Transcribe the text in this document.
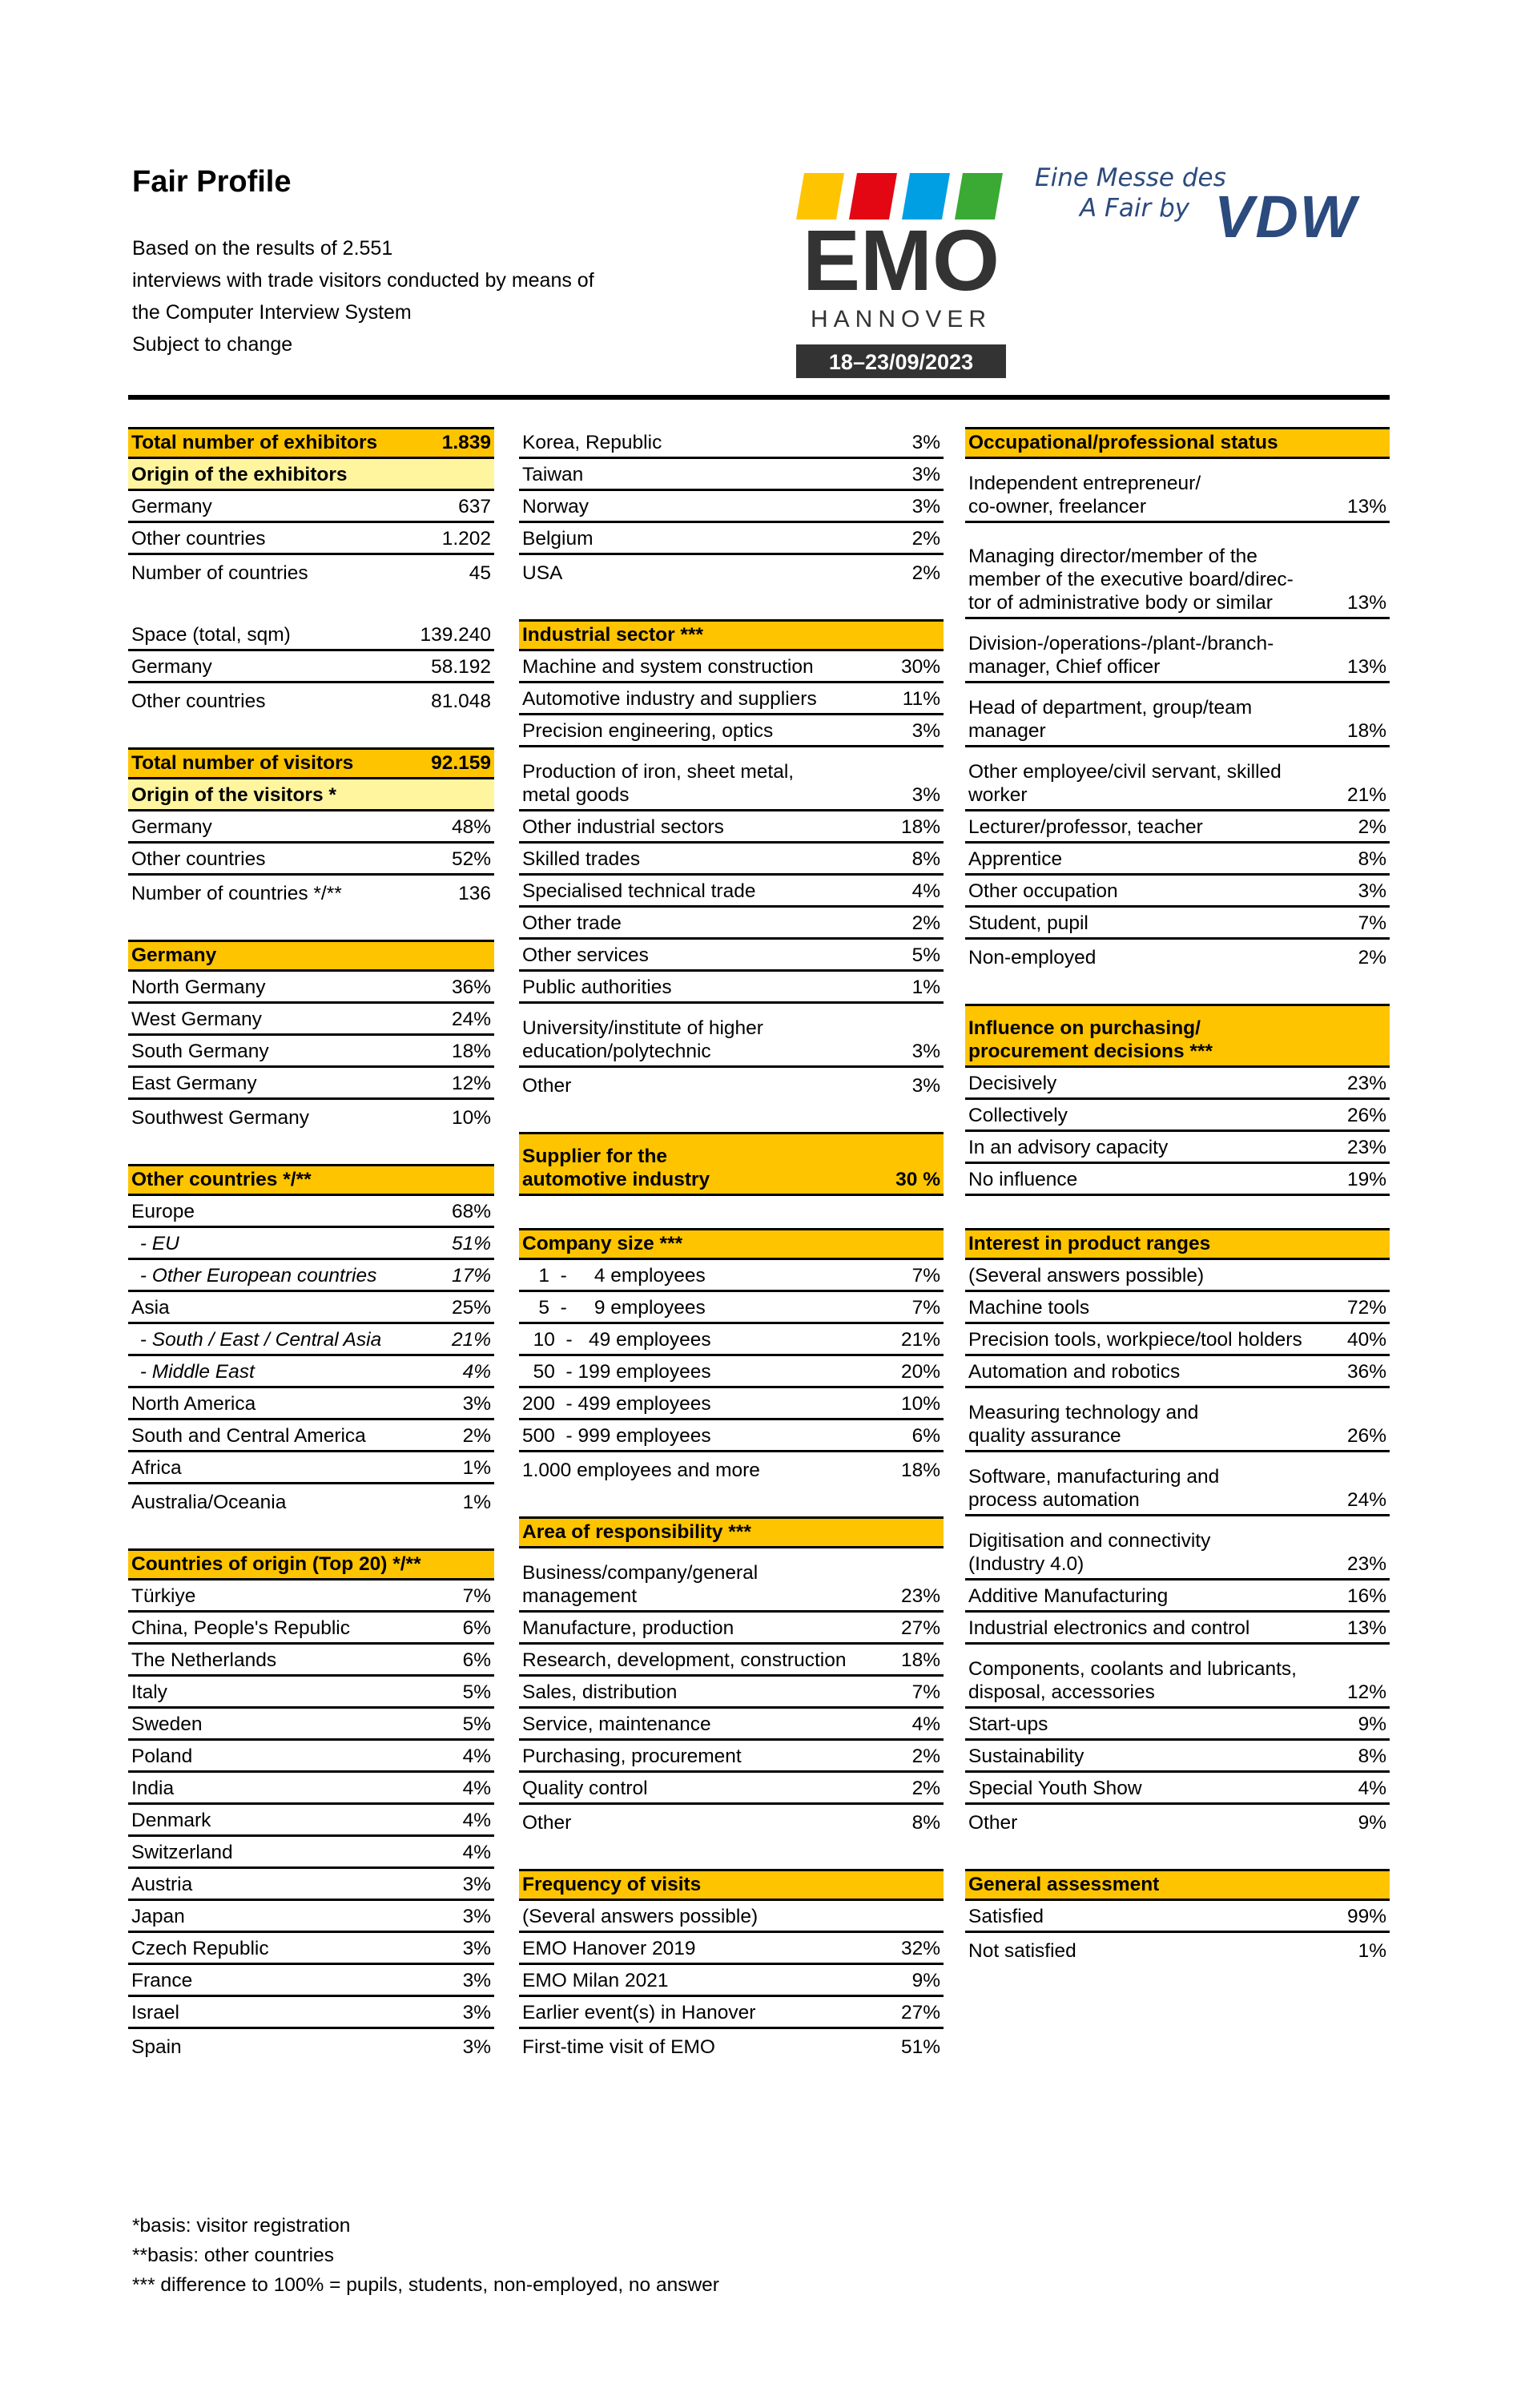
Fair Profile
Based on the results of 2.551
interviews with trade visitors conducted by means of
the Computer Interview System
Subject to change
EMO
HANNOVER
18–23/09/2023
Eine Messe des
A Fair by VDW
Total number of exhibitors	1.839
Origin of the exhibitors
Germany	637
Other countries	1.202
Number of countries	45
Space (total, sqm)	139.240
Germany	58.192
Other countries	81.048
Total number of visitors	92.159
Origin of the visitors *
Germany	48%
Other countries	52%
Number of countries */**	136
Germany
North Germany	36%
West Germany	24%
South Germany	18%
East Germany	12%
Southwest Germany	10%
Other countries */**
Europe	68%
- EU	51%
- Other European countries	17%
Asia	25%
- South / East / Central Asia	21%
- Middle East	4%
North America	3%
South and Central America	2%
Africa	1%
Australia/Oceania	1%
Countries of origin (Top 20) */**
Türkiye	7%
China, People's Republic	6%
The Netherlands	6%
Italy	5%
Sweden	5%
Poland	4%
India	4%
Denmark	4%
Switzerland	4%
Austria	3%
Japan	3%
Czech Republic	3%
France	3%
Israel	3%
Spain	3%
Korea, Republic	3%
Taiwan	3%
Norway	3%
Belgium	2%
USA	2%
Industrial sector ***
Machine and system construction	30%
Automotive industry and suppliers	11%
Precision engineering, optics	3%
Production of iron, sheet metal,
metal goods	3%
Other industrial sectors	18%
Skilled trades	8%
Specialised technical trade	4%
Other trade	2%
Other services	5%
Public authorities	1%
University/institute of higher
education/polytechnic	3%
Other	3%
Supplier for the
automotive industry	30 %
Company size ***
1  -     4 employees	7%
5  -     9 employees	7%
10  -   49 employees	21%
50  - 199 employees	20%
200  - 499 employees	10%
500  - 999 employees	6%
1.000 employees and more	18%
Area of responsibility ***
Business/company/general
management	23%
Manufacture, production	27%
Research, development, construction	18%
Sales, distribution	7%
Service, maintenance	4%
Purchasing, procurement	2%
Quality control	2%
Other	8%
Frequency of visits
(Several answers possible)
EMO Hanover 2019	32%
EMO Milan 2021	9%
Earlier event(s) in Hanover	27%
First-time visit of EMO	51%
Occupational/professional status
Independent entrepreneur/
co-owner, freelancer	13%
Managing director/member of the
member of the executive board/direc-
tor of administrative body or similar	13%
Division-/operations-/plant-/branch-
manager, Chief officer	13%
Head of department, group/team
manager	18%
Other employee/civil servant, skilled
worker	21%
Lecturer/professor, teacher	2%
Apprentice	8%
Other occupation	3%
Student, pupil	7%
Non-employed	2%
Influence on purchasing/
procurement decisions ***
Decisively	23%
Collectively	26%
In an advisory capacity	23%
No influence	19%
Interest in product ranges
(Several answers possible)
Machine tools	72%
Precision tools, workpiece/tool holders 40%
Automation and robotics	36%
Measuring technology and
quality assurance	26%
Software, manufacturing and
process automation	24%
Digitisation and connectivity
(Industry 4.0)	23%
Additive Manufacturing	16%
Industrial electronics and control	13%
Components, coolants and lubricants,
disposal, accessories	12%
Start-ups	9%
Sustainability	8%
Special Youth Show	4%
Other	9%
General assessment
Satisfied	99%
Not satisfied	1%
*basis: visitor registration
**basis: other countries
*** difference to 100% = pupils, students, non-employed, no answer
